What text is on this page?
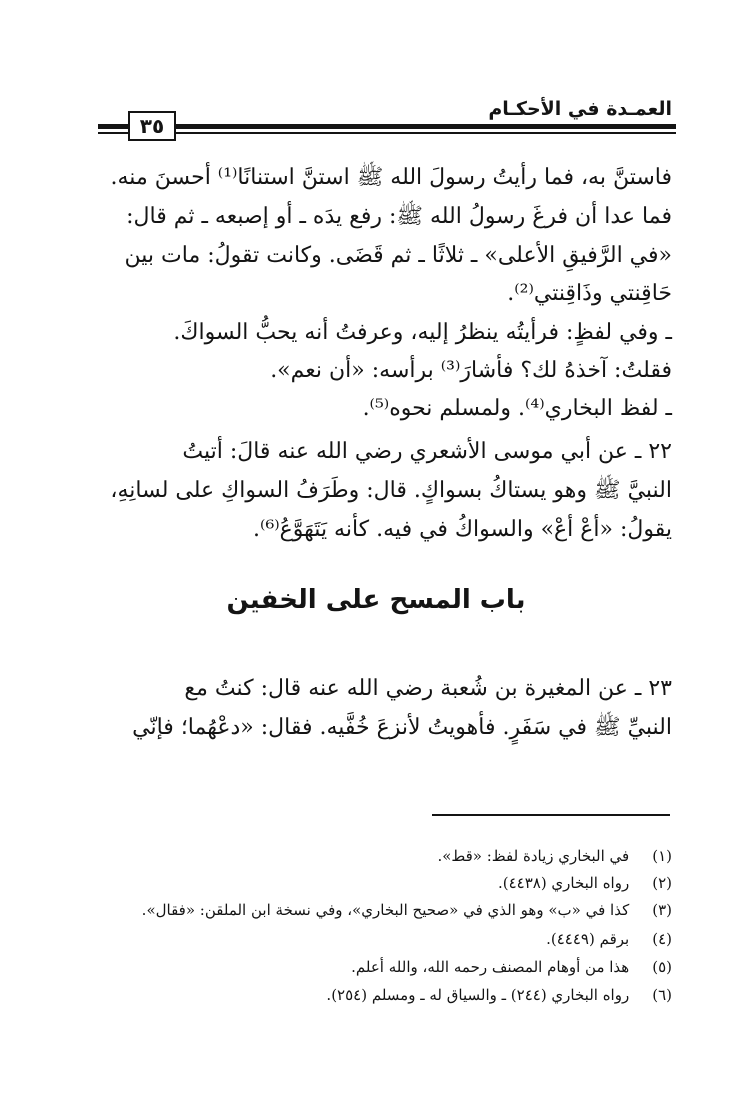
العمـدة في الأحكـام
٣٥
فاستنَّ به، فما رأيتُ رسولَ الله ﷺ استنَّ استنانًا⁽¹⁾ أحسنَ منه.
فما عدا أن فرغَ رسولُ الله ﷺ: رفع يدَه ـ أو إصبعه ـ ثم قال:
«في الرَّفيقِ الأعلى» ـ ثلاثًا ـ ثم قَضَى. وكانت تقولُ: مات بين
حَاقِنتي وذَاقِنتي⁽²⁾.
ـ وفي لفظٍ: فرأيتُه ينظرُ إليه، وعرفتُ أنه يحبُّ السواكَ.
فقلتُ: آخذهُ لك؟ فأشارَ⁽³⁾ برأسه: «أن نعم».
ـ لفظ البخاري⁽⁴⁾. ولمسلم نحوه⁽⁵⁾.
٢٢ ـ عن أبي موسى الأشعري رضي الله عنه قالَ: أتيتُ
النبيَّ ﷺ وهو يستاكُ بسواكٍ. قال: وطَرَفُ السواكِ على لسانِهِ،
يقولُ: «أعْ أعْ» والسواكُ في فيه. كأنه يَتَهَوَّعُ⁽⁶⁾.
باب المسح على الخفين
٢٣ ـ عن المغيرة بن شُعبة رضي الله عنه قال: كنتُ مع
النبيِّ ﷺ في سَفَرٍ. فأهويتُ لأنزعَ خُفَّيه. فقال: «دعْهُما؛ فإنّي
(١) في البخاري زيادة لفظ: «قط».
(٢) رواه البخاري (٤٤٣٨).
(٣) كذا في «ب» وهو الذي في «صحيح البخاري»، وفي نسخة ابن الملقن: «فقال».
(٤) برقم (٤٤٤٩).
(٥) هذا من أوهام المصنف رحمه الله، والله أعلم.
(٦) رواه البخاري (٢٤٤) ـ والسياق له ـ ومسلم (٢٥٤).
